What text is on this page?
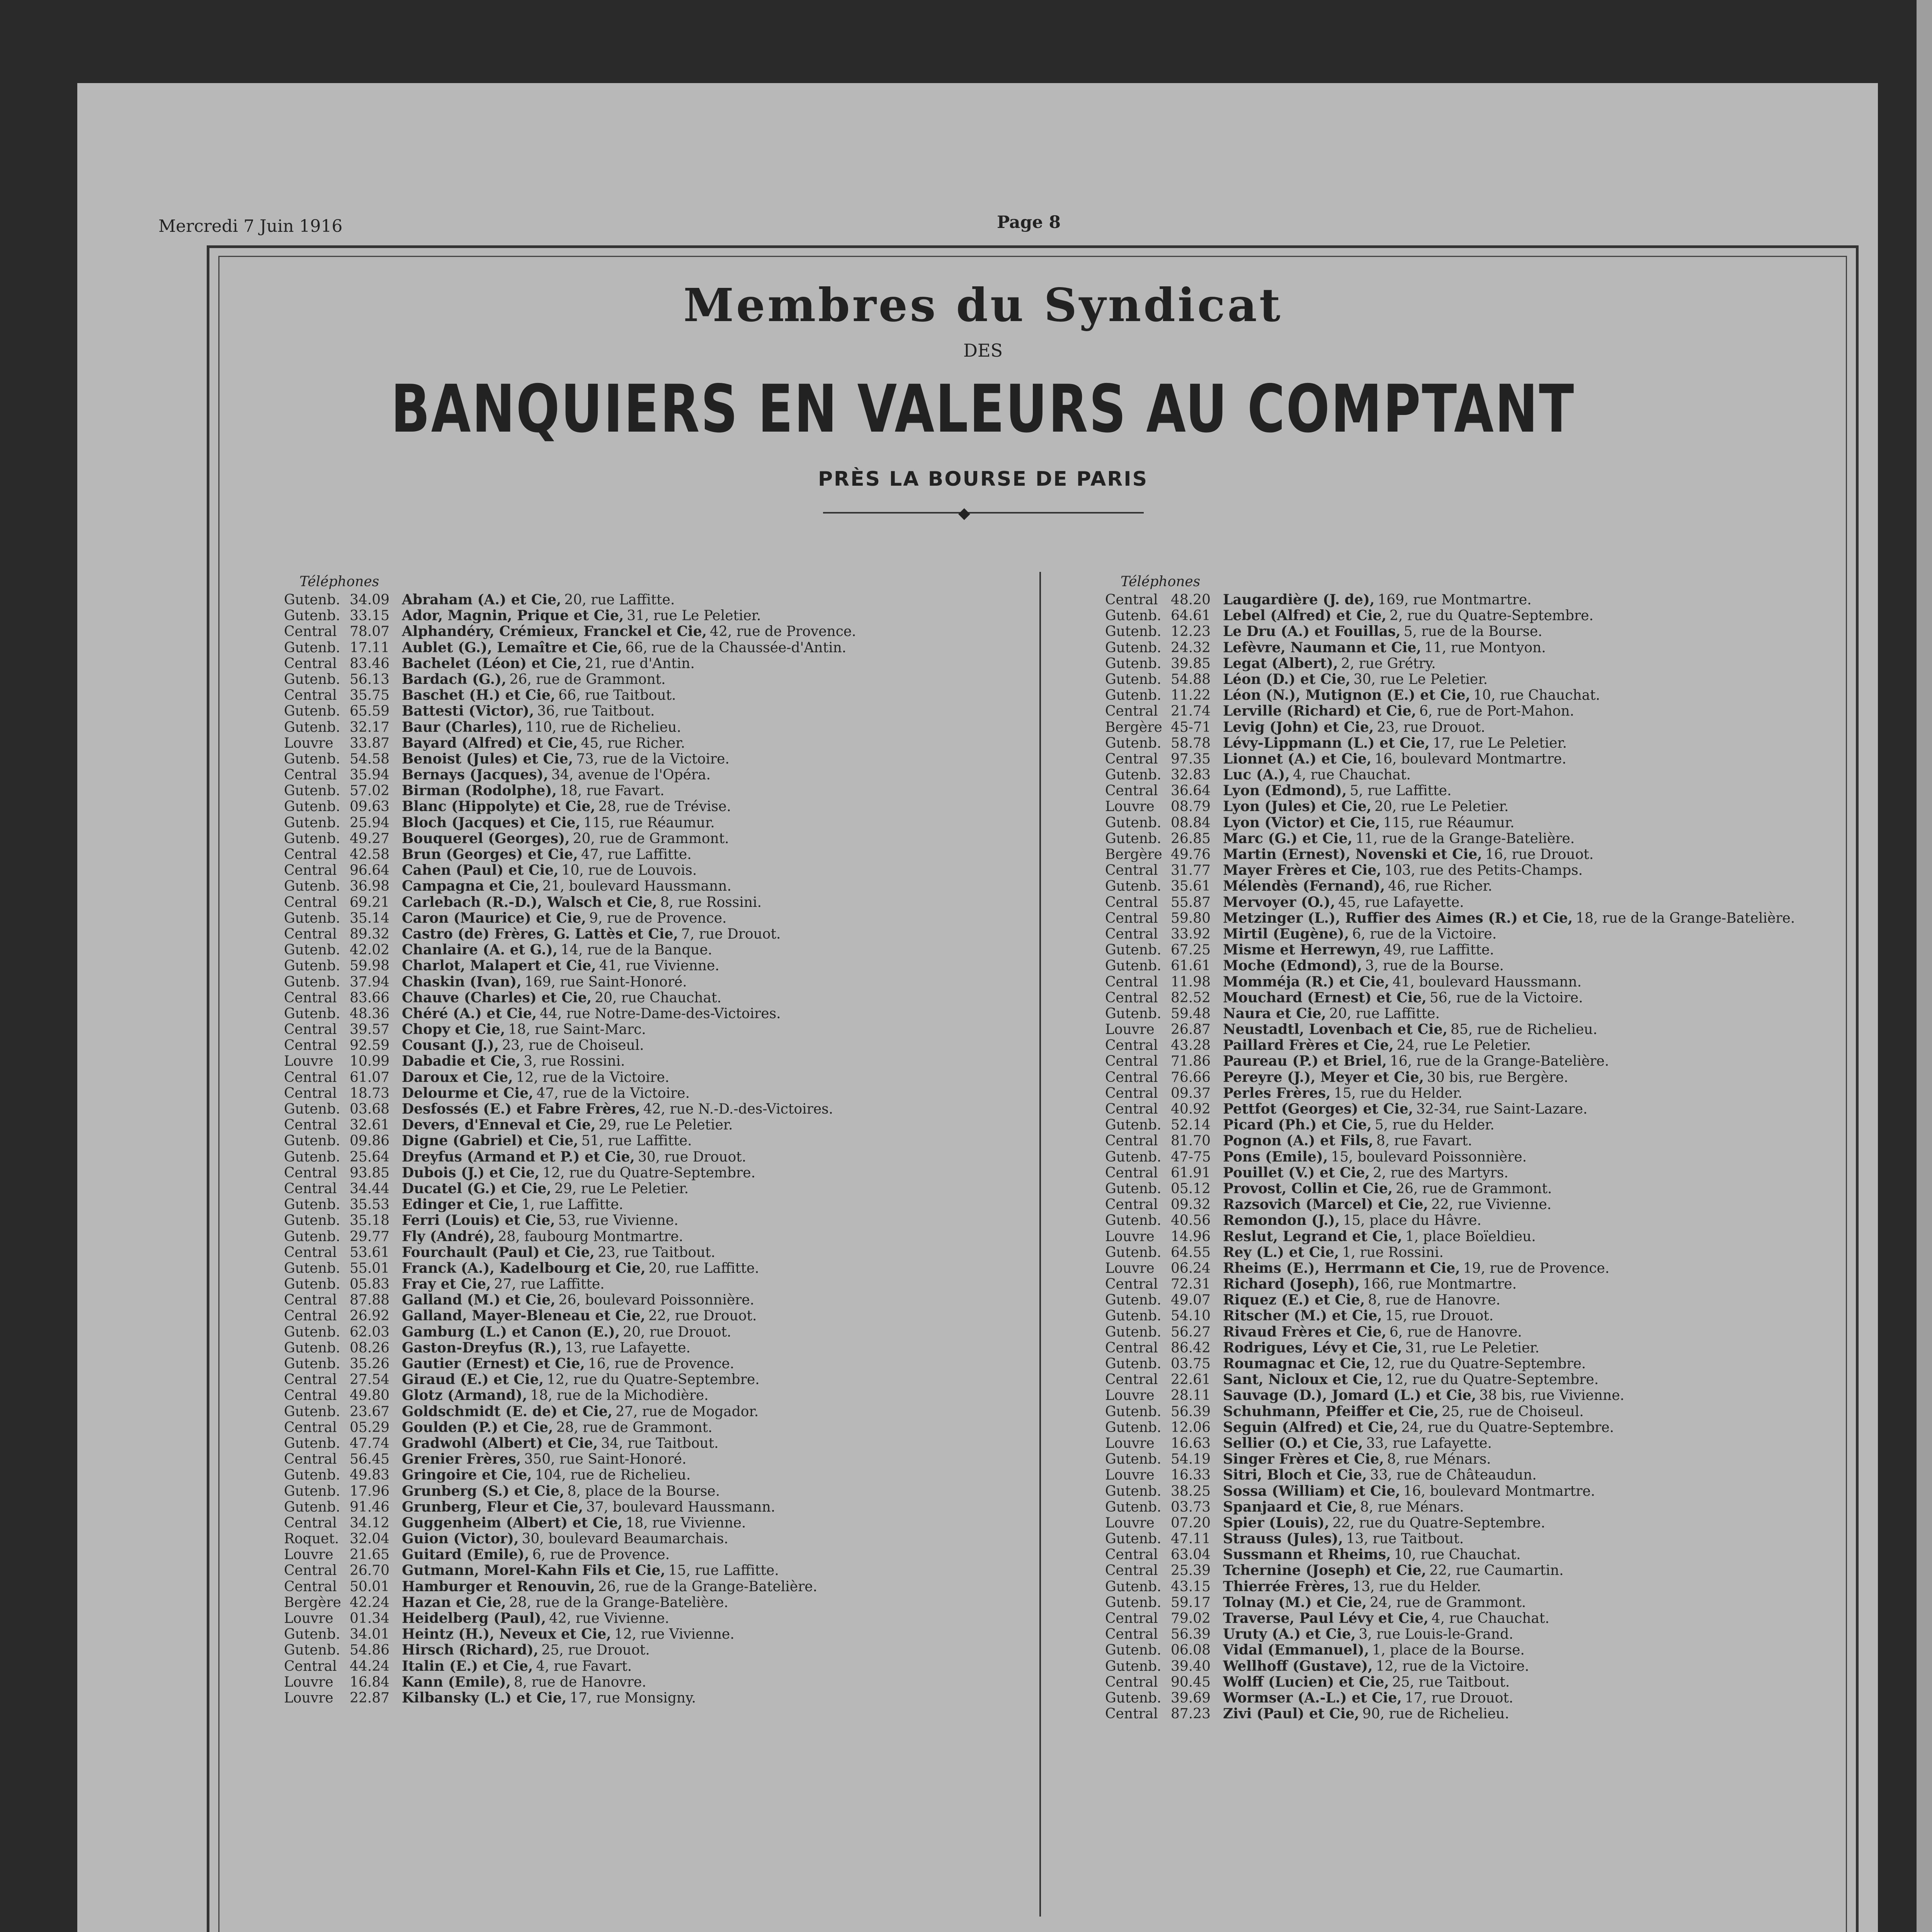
Mercredi 7 Juin 1916	Page 8
Membres du Syndicat
DES
BANQUIERS EN VALEURS AU COMPTANT
PRÈS LA BOURSE DE PARIS
◆
Téléphones
Gutenb. 34.09 Abraham (A.) et Cie, 20, rue Laffitte.
Gutenb. 33.15 Ador, Magnin, Prique et Cie, 31, rue Le Peletier.
Central 78.07 Alphandéry, Crémieux, Franckel et Cie, 42, rue de Provence.
Gutenb. 17.11 Aublet (G.), Lemaître et Cie, 66, rue de la Chaussée-d'Antin.
Central 83.46 Bachelet (Léon) et Cie, 21, rue d'Antin.
Gutenb. 56.13 Bardach (G.), 26, rue de Grammont.
Central 35.75 Baschet (H.) et Cie, 66, rue Taitbout.
Gutenb. 65.59 Battesti (Victor), 36, rue Taitbout.
Gutenb. 32.17 Baur (Charles), 110, rue de Richelieu.
Louvre	33.87 Bayard (Alfred) et Cie, 45, rue Richer.
Gutenb. 54.58 Benoist (Jules) et Cie, 73, rue de la Victoire.
Central 35.94 Bernays (Jacques), 34, avenue de l'Opéra.
Gutenb. 57.02 Birman (Rodolphe), 18, rue Favart.
Gutenb. 09.63 Blanc (Hippolyte) et Cie, 28, rue de Trévise.
Gutenb. 25.94 Bloch (Jacques) et Cie, 115, rue Réaumur.
Gutenb. 49.27 Bouquerel (Georges), 20, rue de Grammont.
Central 42.58 Brun (Georges) et Cie, 47, rue Laffitte.
Central 96.64 Cahen (Paul) et Cie, 10, rue de Louvois.
Gutenb. 36.98 Campagna et Cie, 21, boulevard Haussmann.
Central 69.21 Carlebach (R.-D.), Walsch et Cie, 8, rue Rossini.
Gutenb. 35.14 Caron (Maurice) et Cie, 9, rue de Provence.
Central 89.32 Castro (de) Frères, G. Lattès et Cie, 7, rue Drouot.
Gutenb. 42.02 Chanlaire (A. et G.), 14, rue de la Banque.
Gutenb. 59.98 Charlot, Malapert et Cie, 41, rue Vivienne.
Gutenb. 37.94 Chaskin (Ivan), 169, rue Saint-Honoré.
Central 83.66 Chauve (Charles) et Cie, 20, rue Chauchat.
Gutenb. 48.36 Chéré (A.) et Cie, 44, rue Notre-Dame-des-Victoires.
Central 39.57 Chopy et Cie, 18, rue Saint-Marc.
Central 92.59 Cousant (J.), 23, rue de Choiseul.
Louvre	10.99 Dabadie et Cie, 3, rue Rossini.
Central 61.07 Daroux et Cie, 12, rue de la Victoire.
Central 18.73 Delourme et Cie, 47, rue de la Victoire.
Gutenb. 03.68 Desfossés (E.) et Fabre Frères, 42, rue N.-D.-des-Victoires.
Central 32.61 Devers, d'Enneval et Cie, 29, rue Le Peletier.
Gutenb. 09.86 Digne (Gabriel) et Cie, 51, rue Laffitte.
Gutenb. 25.64 Dreyfus (Armand et P.) et Cie, 30, rue Drouot.
Central 93.85 Dubois (J.) et Cie, 12, rue du Quatre-Septembre.
Central 34.44 Ducatel (G.) et Cie, 29, rue Le Peletier.
Gutenb. 35.53 Edinger et Cie, 1, rue Laffitte.
Gutenb. 35.18 Ferri (Louis) et Cie, 53, rue Vivienne.
Gutenb. 29.77 Fly (André), 28, faubourg Montmartre.
Central 53.61 Fourchault (Paul) et Cie, 23, rue Taitbout.
Gutenb. 55.01 Franck (A.), Kadelbourg et Cie, 20, rue Laffitte.
Gutenb. 05.83 Fray et Cie, 27, rue Laffitte.
Central 87.88 Galland (M.) et Cie, 26, boulevard Poissonnière.
Central 26.92 Galland, Mayer-Bleneau et Cie, 22, rue Drouot.
Gutenb. 62.03 Gamburg (L.) et Canon (E.), 20, rue Drouot.
Gutenb. 08.26 Gaston-Dreyfus (R.), 13, rue Lafayette.
Gutenb. 35.26 Gautier (Ernest) et Cie, 16, rue de Provence.
Central 27.54 Giraud (E.) et Cie, 12, rue du Quatre-Septembre.
Central 49.80 Glotz (Armand), 18, rue de la Michodière.
Gutenb. 23.67 Goldschmidt (E. de) et Cie, 27, rue de Mogador.
Central 05.29 Goulden (P.) et Cie, 28, rue de Grammont.
Gutenb. 47.74 Gradwohl (Albert) et Cie, 34, rue Taitbout.
Central 56.45 Grenier Frères, 350, rue Saint-Honoré.
Gutenb. 49.83 Gringoire et Cie, 104, rue de Richelieu.
Gutenb. 17.96 Grunberg (S.) et Cie, 8, place de la Bourse.
Gutenb. 91.46 Grunberg, Fleur et Cie, 37, boulevard Haussmann.
Central 34.12 Guggenheim (Albert) et Cie, 18, rue Vivienne.
Roquet. 32.04 Guion (Victor), 30, boulevard Beaumarchais.
Louvre	21.65 Guitard (Emile), 6, rue de Provence.
Central 26.70 Gutmann, Morel-Kahn Fils et Cie, 15, rue Laffitte.
Central 50.01 Hamburger et Renouvin, 26, rue de la Grange-Batelière.
Bergère 42.24 Hazan et Cie, 28, rue de la Grange-Batelière.
Louvre	01.34 Heidelberg (Paul), 42, rue Vivienne.
Gutenb. 34.01 Heintz (H.), Neveux et Cie, 12, rue Vivienne.
Gutenb. 54.86 Hirsch (Richard), 25, rue Drouot.
Central 44.24 Italin (E.) et Cie, 4, rue Favart.
Louvre	16.84 Kann (Emile), 8, rue de Hanovre.
Louvre	22.87 Kilbansky (L.) et Cie, 17, rue Monsigny.
Téléphones
Central 48.20 Laugardière (J. de), 169, rue Montmartre.
Gutenb. 64.61 Lebel (Alfred) et Cie, 2, rue du Quatre-Septembre.
Gutenb. 12.23 Le Dru (A.) et Fouillas, 5, rue de la Bourse.
Gutenb. 24.32 Lefèvre, Naumann et Cie, 11, rue Montyon.
Gutenb. 39.85 Legat (Albert), 2, rue Grétry.
Gutenb. 54.88 Léon (D.) et Cie, 30, rue Le Peletier.
Gutenb. 11.22 Léon (N.), Mutignon (E.) et Cie, 10, rue Chauchat.
Central 21.74 Lerville (Richard) et Cie, 6, rue de Port-Mahon.
Bergère 45-71 Levig (John) et Cie, 23, rue Drouot.
Gutenb. 58.78 Lévy-Lippmann (L.) et Cie, 17, rue Le Peletier.
Central 97.35 Lionnet (A.) et Cie, 16, boulevard Montmartre.
Gutenb. 32.83 Luc (A.), 4, rue Chauchat.
Central 36.64 Lyon (Edmond), 5, rue Laffitte.
Louvre	08.79 Lyon (Jules) et Cie, 20, rue Le Peletier.
Gutenb. 08.84 Lyon (Victor) et Cie, 115, rue Réaumur.
Gutenb. 26.85 Marc (G.) et Cie, 11, rue de la Grange-Batelière.
Bergère 49.76 Martin (Ernest), Novenski et Cie, 16, rue Drouot.
Central 31.77 Mayer Frères et Cie, 103, rue des Petits-Champs.
Gutenb. 35.61 Mélendès (Fernand), 46, rue Richer.
Central 55.87 Mervoyer (O.), 45, rue Lafayette.
Central 59.80 Metzinger (L.), Ruffier des Aimes (R.) et Cie, 18, rue de la Grange-Batelière.
Central 33.92 Mirtil (Eugène), 6, rue de la Victoire.
Gutenb. 67.25 Misme et Herrewyn, 49, rue Laffitte.
Gutenb. 61.61 Moche (Edmond), 3, rue de la Bourse.
Central 11.98 Momméja (R.) et Cie, 41, boulevard Haussmann.
Central 82.52 Mouchard (Ernest) et Cie, 56, rue de la Victoire.
Gutenb. 59.48 Naura et Cie, 20, rue Laffitte.
Louvre	26.87 Neustadtl, Lovenbach et Cie, 85, rue de Richelieu.
Central 43.28 Paillard Frères et Cie, 24, rue Le Peletier.
Central 71.86 Paureau (P.) et Briel, 16, rue de la Grange-Batelière.
Central 76.66 Pereyre (J.), Meyer et Cie, 30 bis, rue Bergère.
Central 09.37 Perles Frères, 15, rue du Helder.
Central 40.92 Pettfot (Georges) et Cie, 32-34, rue Saint-Lazare.
Gutenb. 52.14 Picard (Ph.) et Cie, 5, rue du Helder.
Central 81.70 Pognon (A.) et Fils, 8, rue Favart.
Gutenb. 47-75 Pons (Emile), 15, boulevard Poissonnière.
Central 61.91 Pouillet (V.) et Cie, 2, rue des Martyrs.
Gutenb. 05.12 Provost, Collin et Cie, 26, rue de Grammont.
Central 09.32 Razsovich (Marcel) et Cie, 22, rue Vivienne.
Gutenb. 40.56 Remondon (J.), 15, place du Hâvre.
Louvre	14.96 Reslut, Legrand et Cie, 1, place Boïeldieu.
Gutenb. 64.55 Rey (L.) et Cie, 1, rue Rossini.
Louvre	06.24 Rheims (E.), Herrmann et Cie, 19, rue de Provence.
Central 72.31 Richard (Joseph), 166, rue Montmartre.
Gutenb. 49.07 Riquez (E.) et Cie, 8, rue de Hanovre.
Gutenb. 54.10 Ritscher (M.) et Cie, 15, rue Drouot.
Gutenb. 56.27 Rivaud Frères et Cie, 6, rue de Hanovre.
Central 86.42 Rodrigues, Lévy et Cie, 31, rue Le Peletier.
Gutenb. 03.75 Roumagnac et Cie, 12, rue du Quatre-Septembre.
Central 22.61 Sant, Nicloux et Cie, 12, rue du Quatre-Septembre.
Louvre	28.11 Sauvage (D.), Jomard (L.) et Cie, 38 bis, rue Vivienne.
Gutenb. 56.39 Schuhmann, Pfeiffer et Cie, 25, rue de Choiseul.
Gutenb. 12.06 Seguin (Alfred) et Cie, 24, rue du Quatre-Septembre.
Louvre	16.63 Sellier (O.) et Cie, 33, rue Lafayette.
Gutenb. 54.19 Singer Frères et Cie, 8, rue Ménars.
Louvre	16.33 Sitri, Bloch et Cie, 33, rue de Châteaudun.
Gutenb. 38.25 Sossa (William) et Cie, 16, boulevard Montmartre.
Gutenb. 03.73 Spanjaard et Cie, 8, rue Ménars.
Louvre	07.20 Spier (Louis), 22, rue du Quatre-Septembre.
Gutenb. 47.11 Strauss (Jules), 13, rue Taitbout.
Central 63.04 Sussmann et Rheims, 10, rue Chauchat.
Central 25.39 Tchernine (Joseph) et Cie, 22, rue Caumartin.
Gutenb. 43.15 Thierrée Frères, 13, rue du Helder.
Gutenb. 59.17 Tolnay (M.) et Cie, 24, rue de Grammont.
Central 79.02 Traverse, Paul Lévy et Cie, 4, rue Chauchat.
Central 56.39 Uruty (A.) et Cie, 3, rue Louis-le-Grand.
Gutenb. 06.08 Vidal (Emmanuel), 1, place de la Bourse.
Gutenb. 39.40 Wellhoff (Gustave), 12, rue de la Victoire.
Central 90.45 Wolff (Lucien) et Cie, 25, rue Taitbout.
Gutenb. 39.69 Wormser (A.-L.) et Cie, 17, rue Drouot.
Central 87.23 Zivi (Paul) et Cie, 90, rue de Richelieu.
